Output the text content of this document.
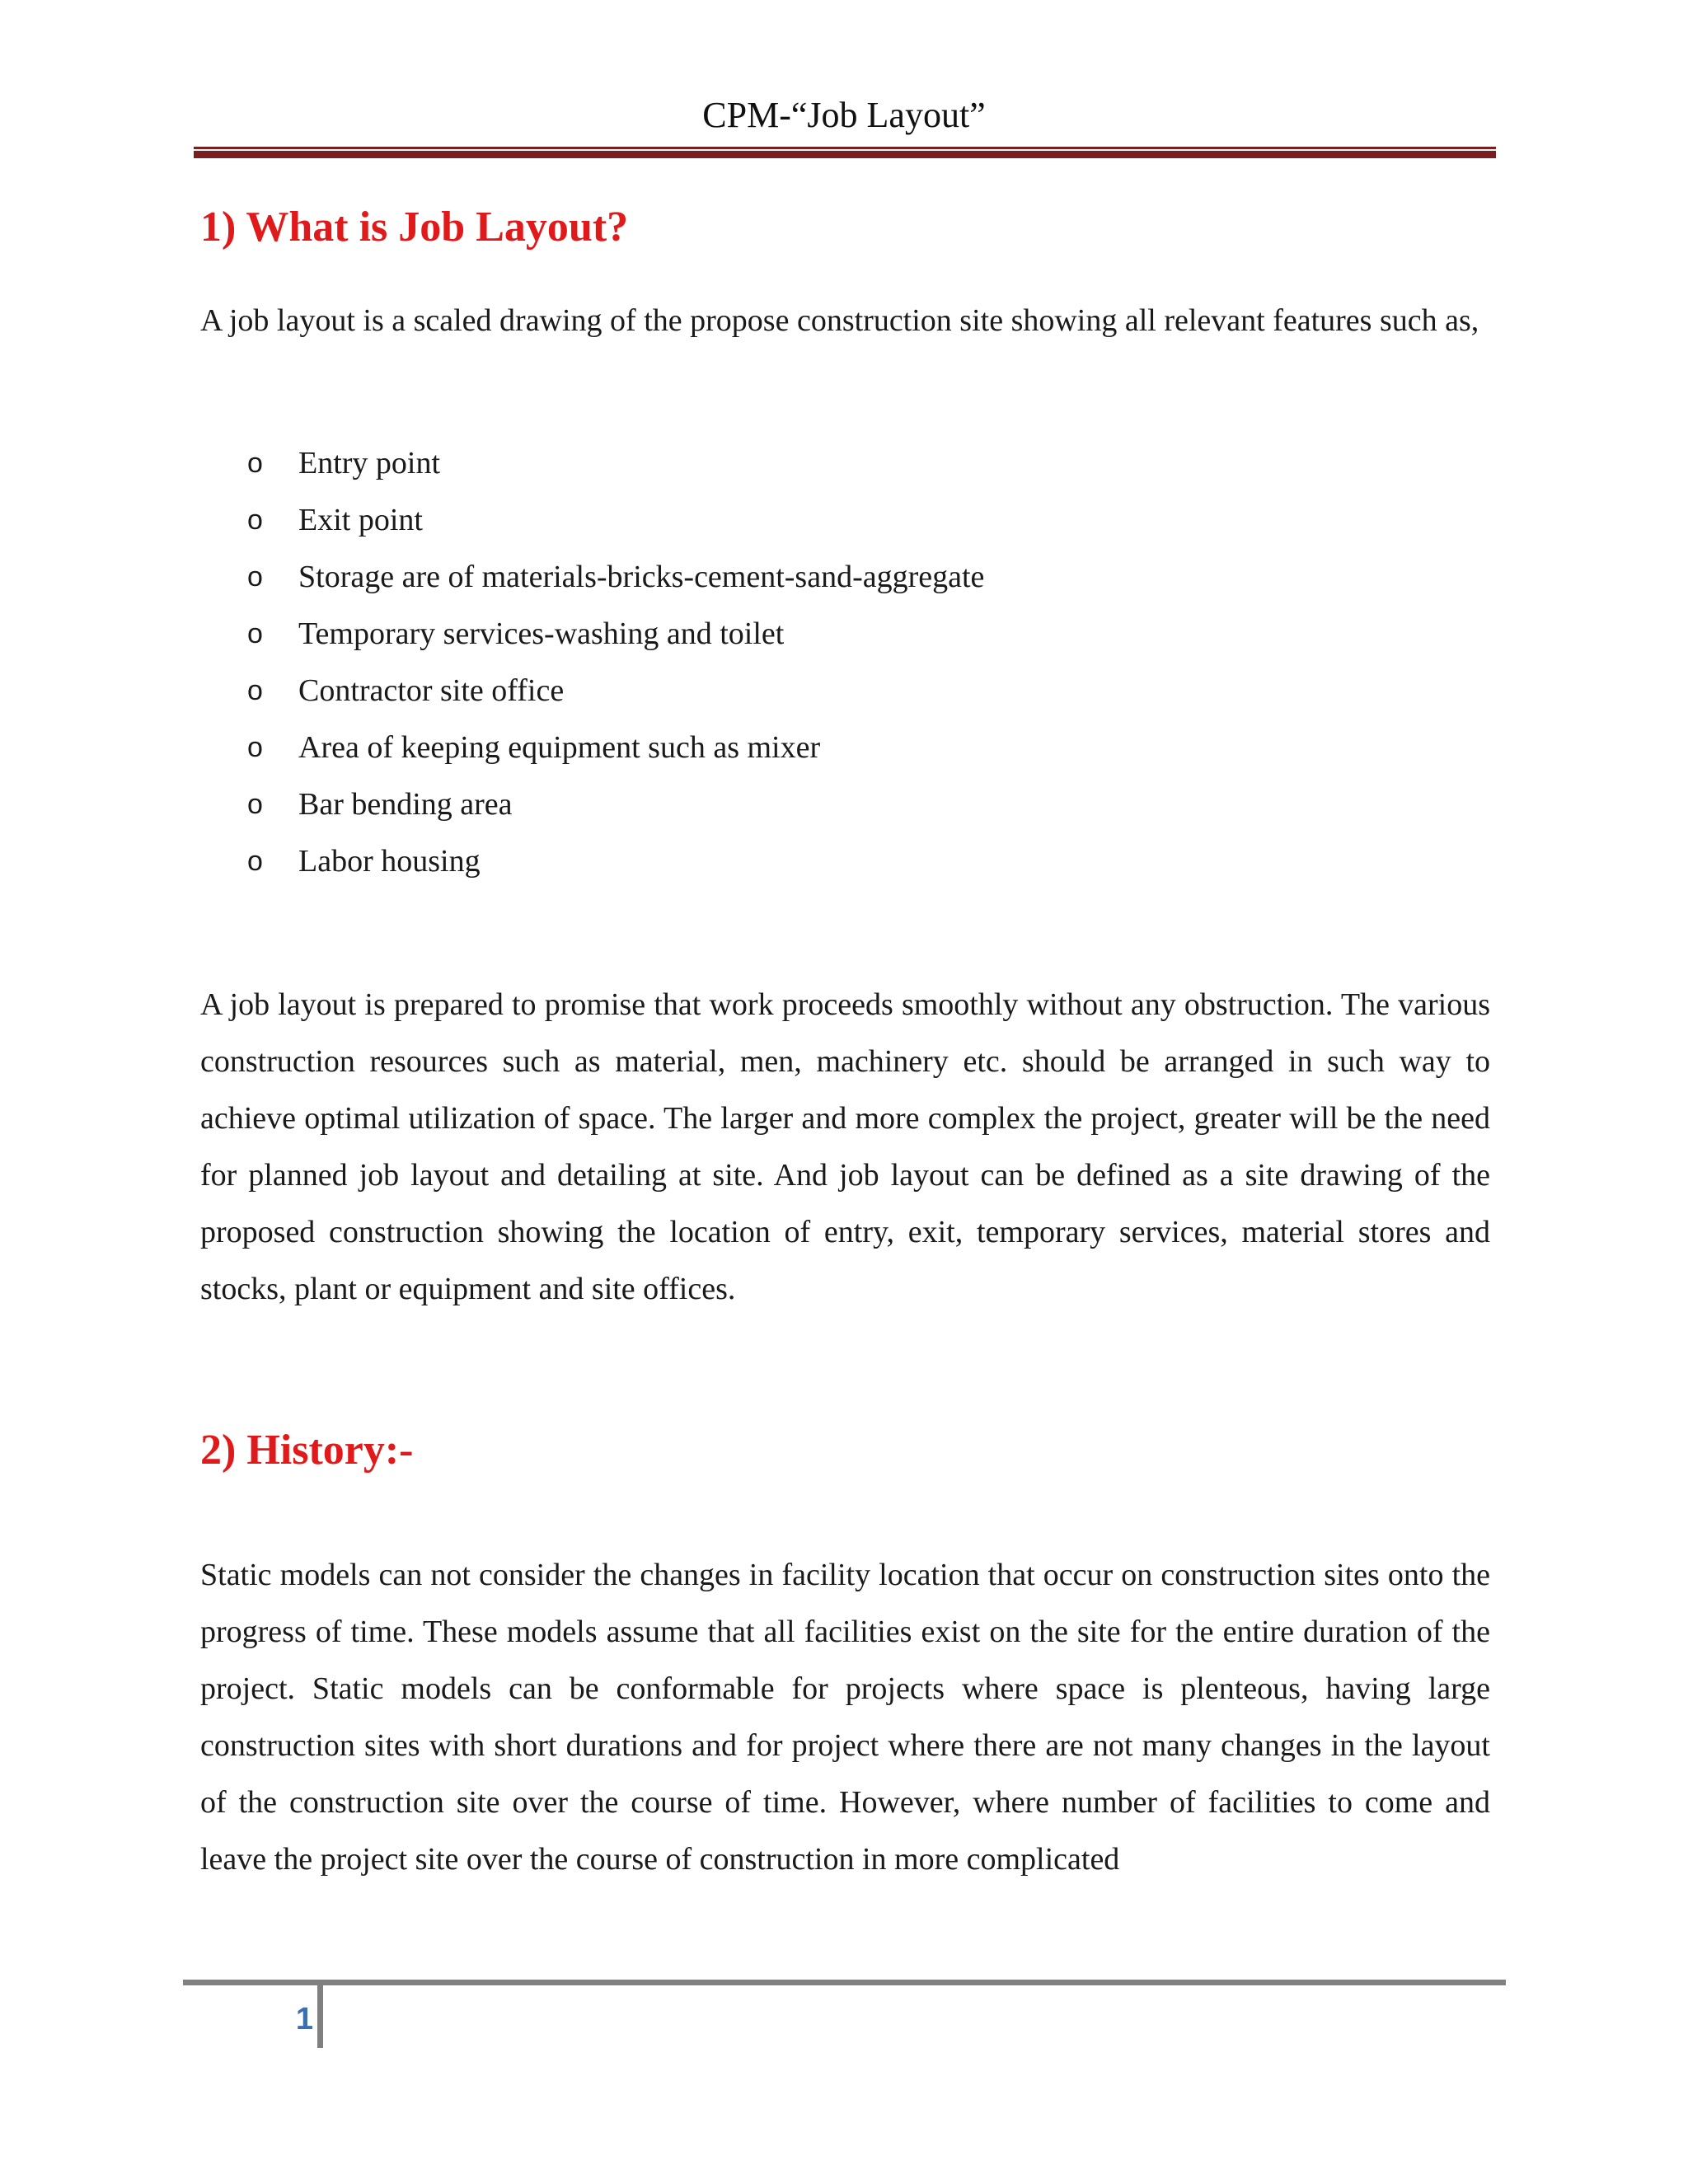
CPM-“Job Layout”
1) What is Job Layout?

A job layout is a scaled drawing of the propose construction site showing all relevant features such as,

o Entry point
o Exit point
o Storage are of materials-bricks-cement-sand-aggregate
o Temporary services-washing and toilet
o Contractor site office
o Area of keeping equipment such as mixer
o Bar bending area
o Labor housing

A job layout is prepared to promise that work proceeds smoothly without any obstruction. The various construction resources such as material, men, machinery etc. should be arranged in such way to achieve optimal utilization of space. The larger and more complex the project, greater will be the need for planned job layout and detailing at site. And job layout can be defined as a site drawing of the proposed construction showing the location of entry, exit, temporary services, material stores and stocks, plant or equipment and site offices.

2) History:-

Static models can not consider the changes in facility location that occur on construction sites onto the progress of time. These models assume that all facilities exist on the site for the entire duration of the project. Static models can be conformable for projects where space is plenteous, having large construction sites with short durations and for project where there are not many changes in the layout of the construction site over the course of time. However, where number of facilities to come and leave the project site over the course of construction in more complicated

1
